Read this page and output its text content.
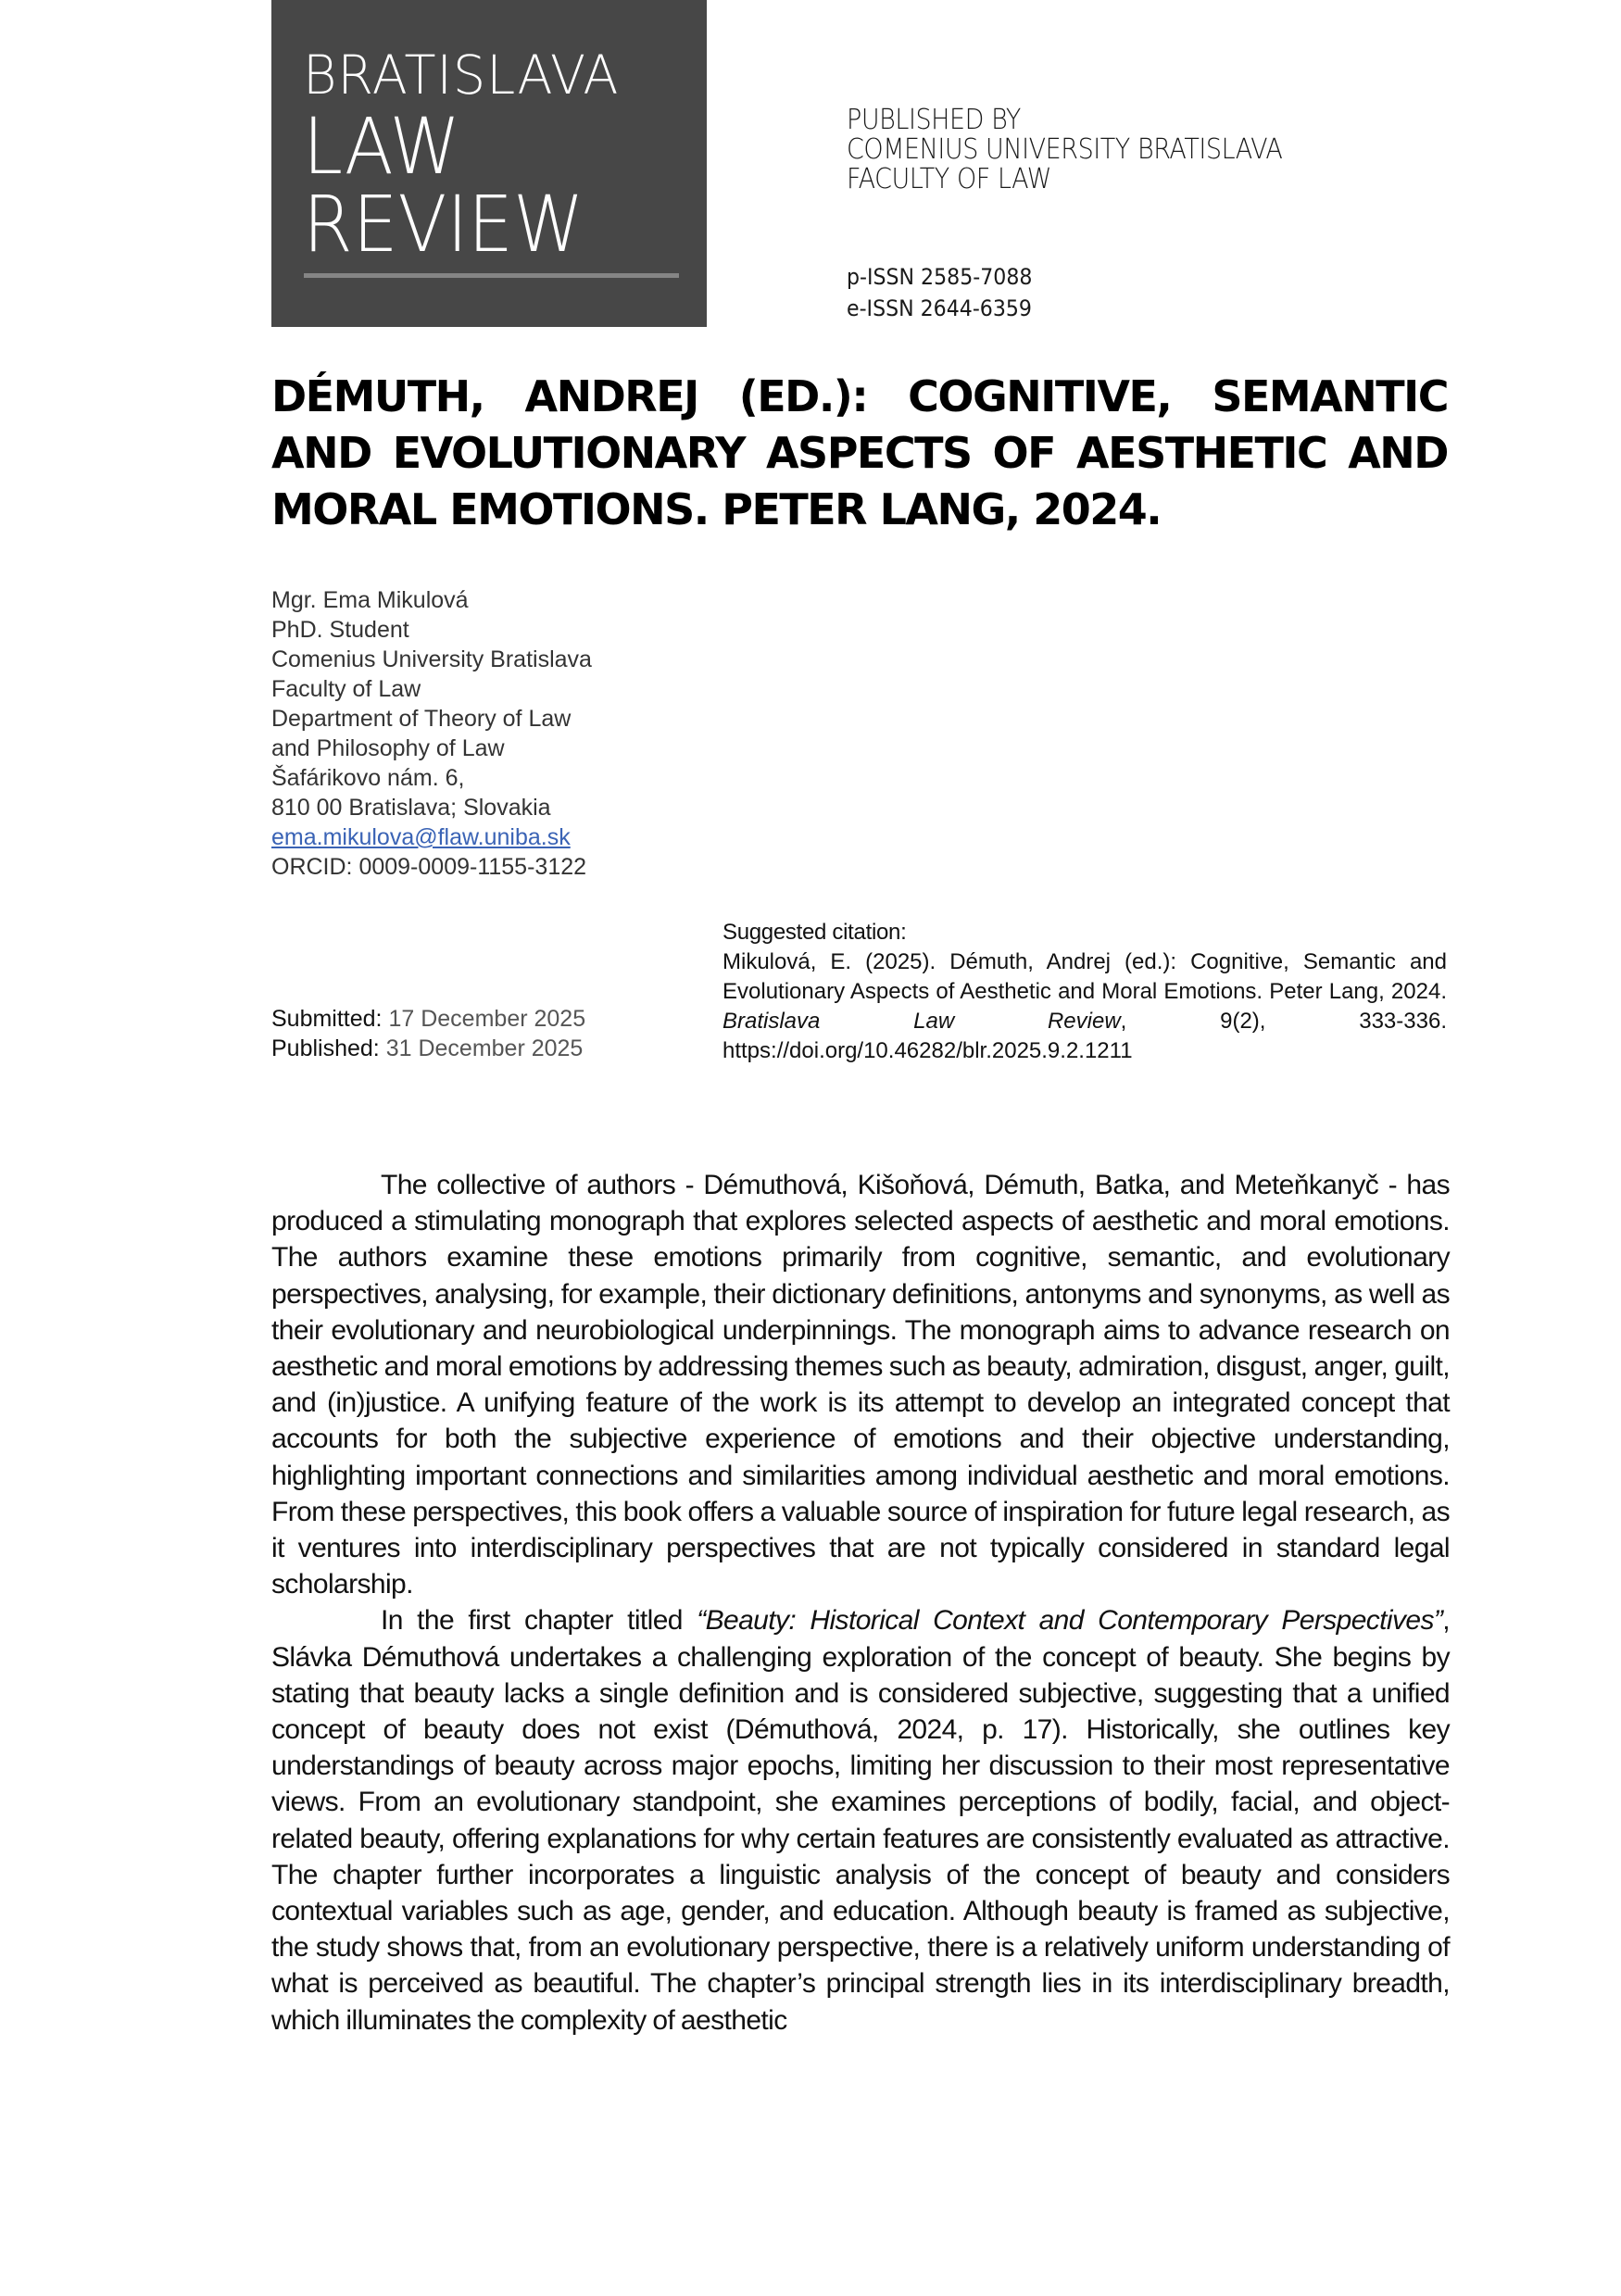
BRATISLAVA
LAW
REVIEW
PUBLISHED BY
COMENIUS UNIVERSITY BRATISLAVA
FACULTY OF LAW
p-ISSN 2585-7088
e-ISSN 2644-6359
DÉMUTH, ANDREJ (ED.): COGNITIVE, SEMANTIC AND EVOLUTIONARY ASPECTS OF AESTHETIC AND MORAL EMOTIONS. PETER LANG, 2024.
Mgr. Ema Mikulová
PhD. Student
Comenius University Bratislava
Faculty of Law
Department of Theory of Law
and Philosophy of Law
Šafárikovo nám. 6,
810 00 Bratislava; Slovakia
ema.mikulova@flaw.uniba.sk
ORCID: 0009-0009-1155-3122
Submitted: 17 December 2025
Published: 31 December 2025
Suggested citation:
Mikulová, E. (2025). Démuth, Andrej (ed.): Cognitive, Semantic and Evolutionary Aspects of Aesthetic and Moral Emotions. Peter Lang, 2024. Bratislava Law Review, 9(2), 333-336. https://doi.org/10.46282/blr.2025.9.2.1211

The collective of authors - Démuthová, Kišoňová, Démuth, Batka, and Meteňkanyč - has produced a stimulating monograph that explores selected aspects of aesthetic and moral emotions. The authors examine these emotions primarily from cognitive, semantic, and evolutionary perspectives, analysing, for example, their dictionary definitions, antonyms and synonyms, as well as their evolutionary and neurobiological underpinnings. The monograph aims to advance research on aesthetic and moral emotions by addressing themes such as beauty, admiration, disgust, anger, guilt, and (in)justice. A unifying feature of the work is its attempt to develop an integrated concept that accounts for both the subjective experience of emotions and their objective understanding, highlighting important connections and similarities among individual aesthetic and moral emotions. From these perspectives, this book offers a valuable source of inspiration for future legal research, as it ventures into interdisciplinary perspectives that are not typically considered in standard legal scholarship.

In the first chapter titled “Beauty: Historical Context and Contemporary Perspectives”, Slávka Démuthová undertakes a challenging exploration of the concept of beauty. She begins by stating that beauty lacks a single definition and is considered subjective, suggesting that a unified concept of beauty does not exist (Démuthová, 2024, p. 17). Historically, she outlines key understandings of beauty across major epochs, limiting her discussion to their most representative views. From an evolutionary standpoint, she examines perceptions of bodily, facial, and object-related beauty, offering explanations for why certain features are consistently evaluated as attractive. The chapter further incorporates a linguistic analysis of the concept of beauty and considers contextual variables such as age, gender, and education. Although beauty is framed as subjective, the study shows that, from an evolutionary perspective, there is a relatively uniform understanding of what is perceived as beautiful. The chapter’s principal strength lies in its interdisciplinary breadth, which illuminates the complexity of aesthetic
